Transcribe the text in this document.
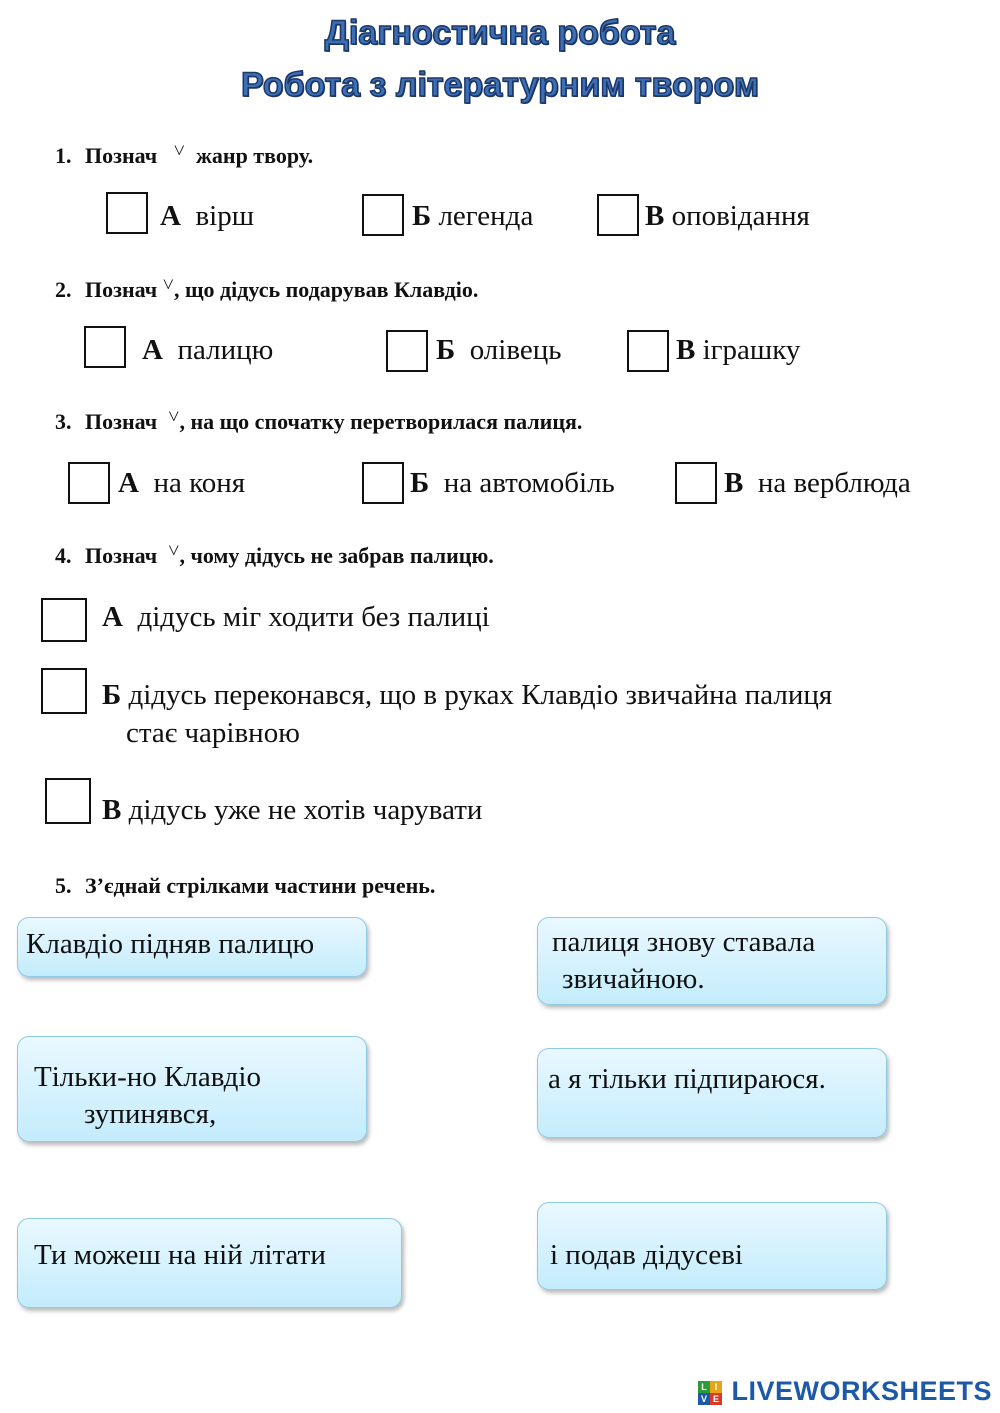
Діагностична робота
Робота з літературним твором
1. Познач ˅ жанр твору.
А вірш	Б легенда	В оповідання
2. Познач ˅, що дідусь подарував Клавдіо.
А палицю	Б олівець	В іграшку
3. Познач ˅, на що спочатку перетворилася палиця.
А на коня	Б на автомобіль	В на верблюда
4. Познач ˅, чому дідусь не забрав палицю.
А дідусь міг ходити без палиці
Б дідусь переконався, що в руках Клавдіо звичайна палиця
стає чарівною
В дідусь уже не хотів чарувати
5. З’єднай стрілками частини речень.
Клавдіо підняв палицю
Тільки-но Клавдіо
зупинявся,
Ти можеш на ній літати
палиця знову ставала
звичайною.
а я тільки підпираюся.
і подав дідусеві
L I
V E LIVEWORKSHEETS
